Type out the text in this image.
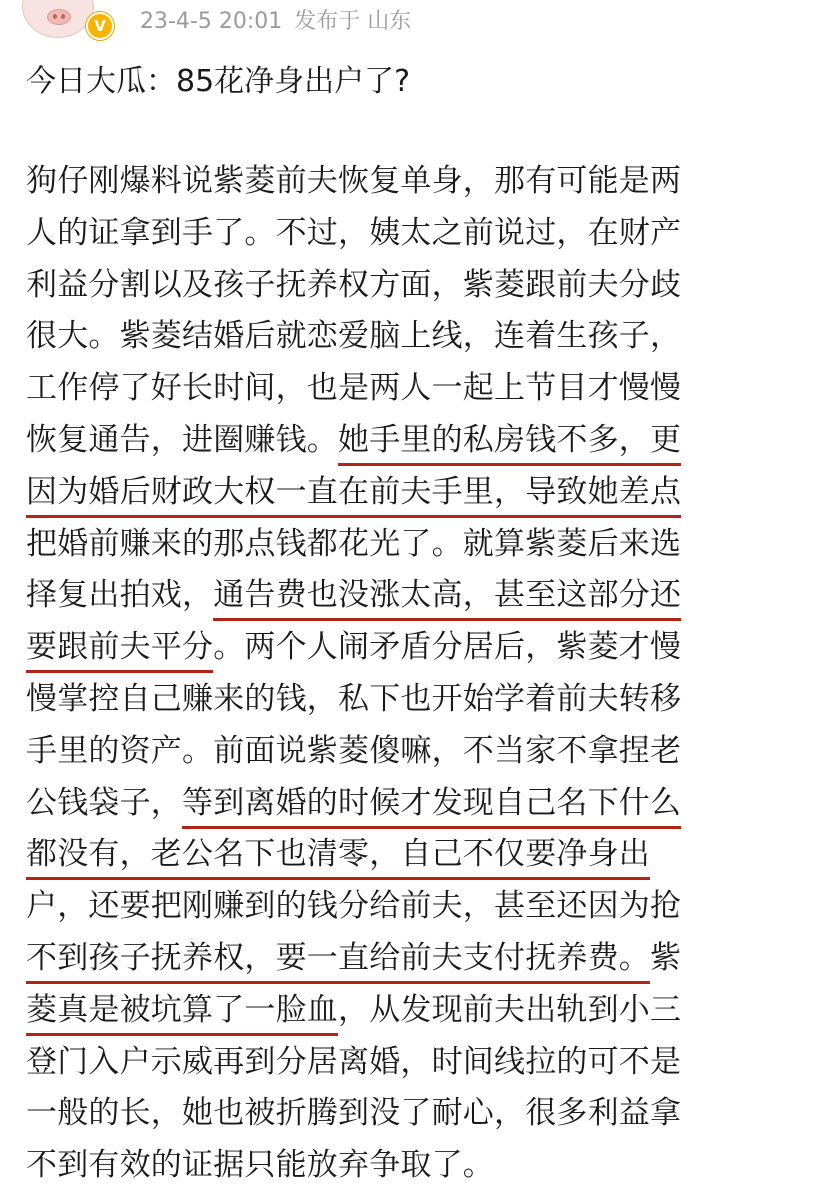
V	23-4-5 20:01 发布于 山东
今日大瓜：85花净身出户了?
狗仔刚爆料说紫菱前夫恢复单身，那有可能是两
人的证拿到手了。不过，姨太之前说过，在财产
利益分割以及孩子抚养权方面，紫菱跟前夫分歧
很大。紫菱结婚后就恋爱脑上线，连着生孩子，
工作停了好长时间，也是两人一起上节目才慢慢
恢复通告，进圈赚钱。她手里的私房钱不多，更
因为婚后财政大权一直在前夫手里，导致她差点
把婚前赚来的那点钱都花光了。就算紫菱后来选
择复出拍戏，通告费也没涨太高，甚至这部分还
要跟前夫平分。两个人闹矛盾分居后，紫菱才慢
慢掌控自己赚来的钱，私下也开始学着前夫转移
手里的资产。前面说紫菱傻嘛，不当家不拿捏老
公钱袋子，等到离婚的时候才发现自己名下什么
都没有，老公名下也清零，自己不仅要净身出
户，还要把刚赚到的钱分给前夫，甚至还因为抢
不到孩子抚养权，要一直给前夫支付抚养费。紫
菱真是被坑算了一脸血，从发现前夫出轨到小三
登门入户示威再到分居离婚，时间线拉的可不是
一般的长，她也被折腾到没了耐心，很多利益拿
不到有效的证据只能放弃争取了。
